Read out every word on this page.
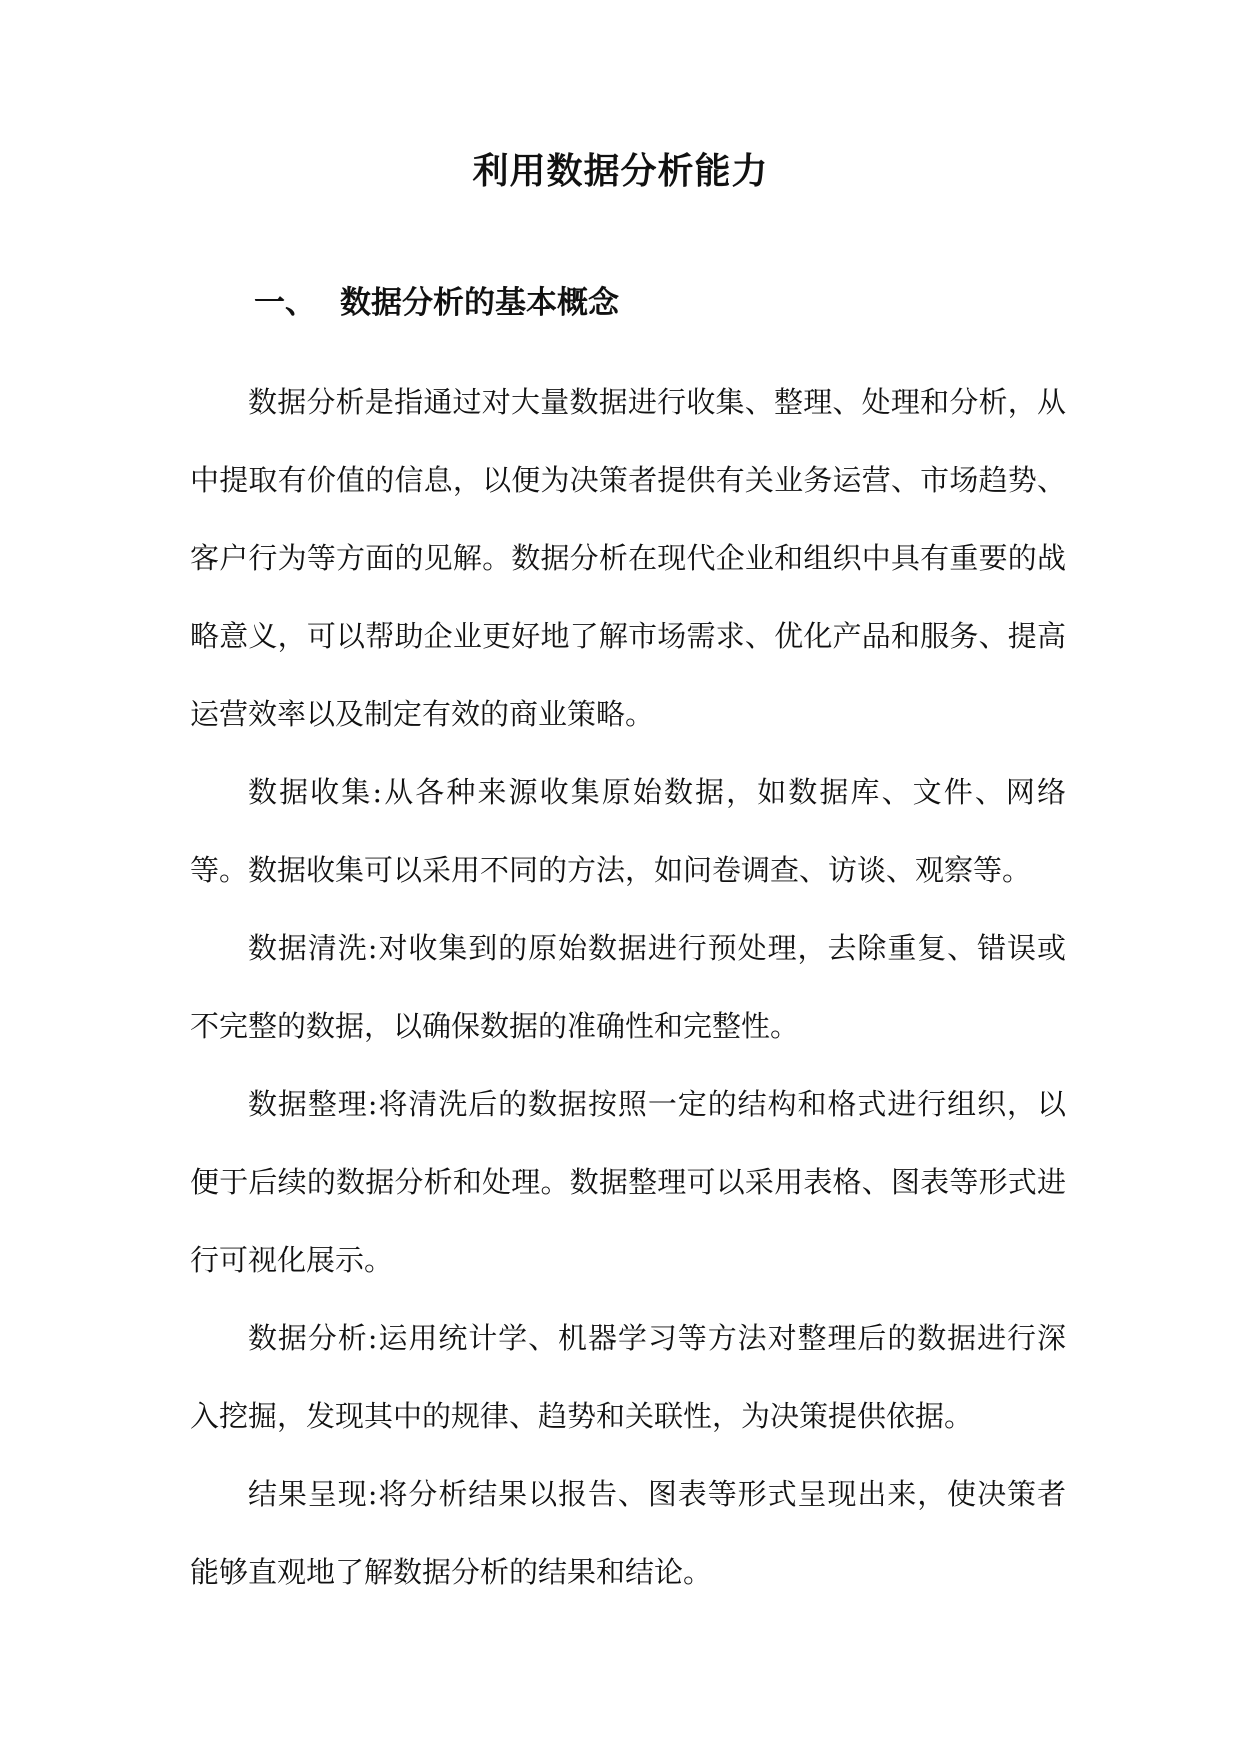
利用数据分析能力
一、 数据分析的基本概念

数据分析是指通过对大量数据进行收集、整理、处理和分析，从中提取有价值的信息，以便为决策者提供有关业务运营、市场趋势、客户行为等方面的见解。数据分析在现代企业和组织中具有重要的战略意义，可以帮助企业更好地了解市场需求、优化产品和服务、提高运营效率以及制定有效的商业策略。

数据收集:从各种来源收集原始数据，如数据库、文件、网络等。数据收集可以采用不同的方法，如问卷调查、访谈、观察等。

数据清洗:对收集到的原始数据进行预处理，去除重复、错误或不完整的数据，以确保数据的准确性和完整性。

数据整理:将清洗后的数据按照一定的结构和格式进行组织，以便于后续的数据分析和处理。数据整理可以采用表格、图表等形式进行可视化展示。

数据分析:运用统计学、机器学习等方法对整理后的数据进行深入挖掘，发现其中的规律、趋势和关联性，为决策提供依据。

结果呈现:将分析结果以报告、图表等形式呈现出来，使决策者能够直观地了解数据分析的结果和结论。
